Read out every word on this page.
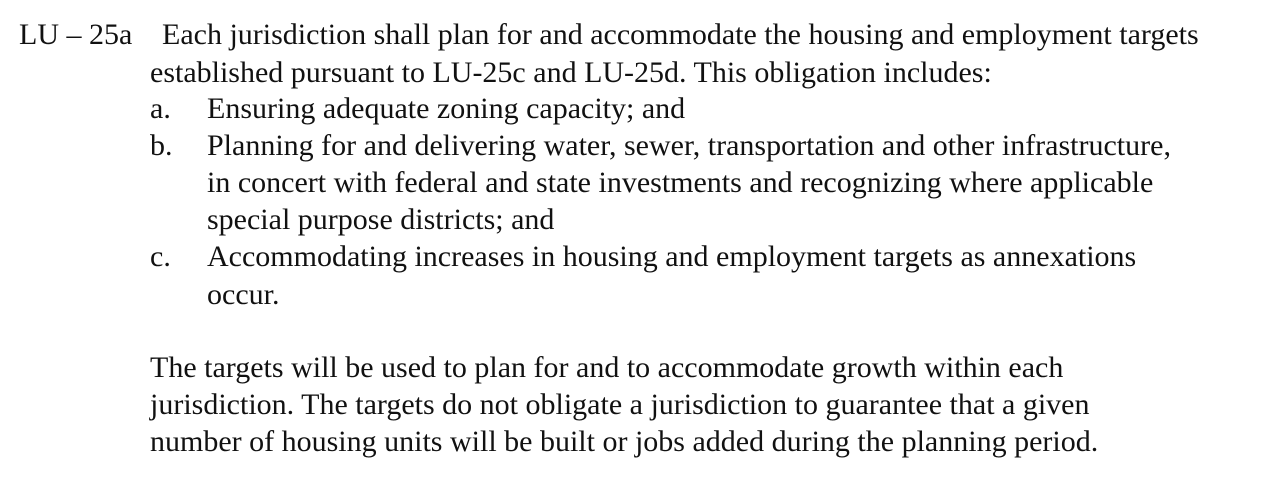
LU – 25a Each jurisdiction shall plan for and accommodate the housing and employment targets
established pursuant to LU-25c and LU-25d. This obligation includes:
a. Ensuring adequate zoning capacity; and
b. Planning for and delivering water, sewer, transportation and other infrastructure,
in concert with federal and state investments and recognizing where applicable
special purpose districts; and
c. Accommodating increases in housing and employment targets as annexations
occur.
The targets will be used to plan for and to accommodate growth within each
jurisdiction. The targets do not obligate a jurisdiction to guarantee that a given
number of housing units will be built or jobs added during the planning period.
